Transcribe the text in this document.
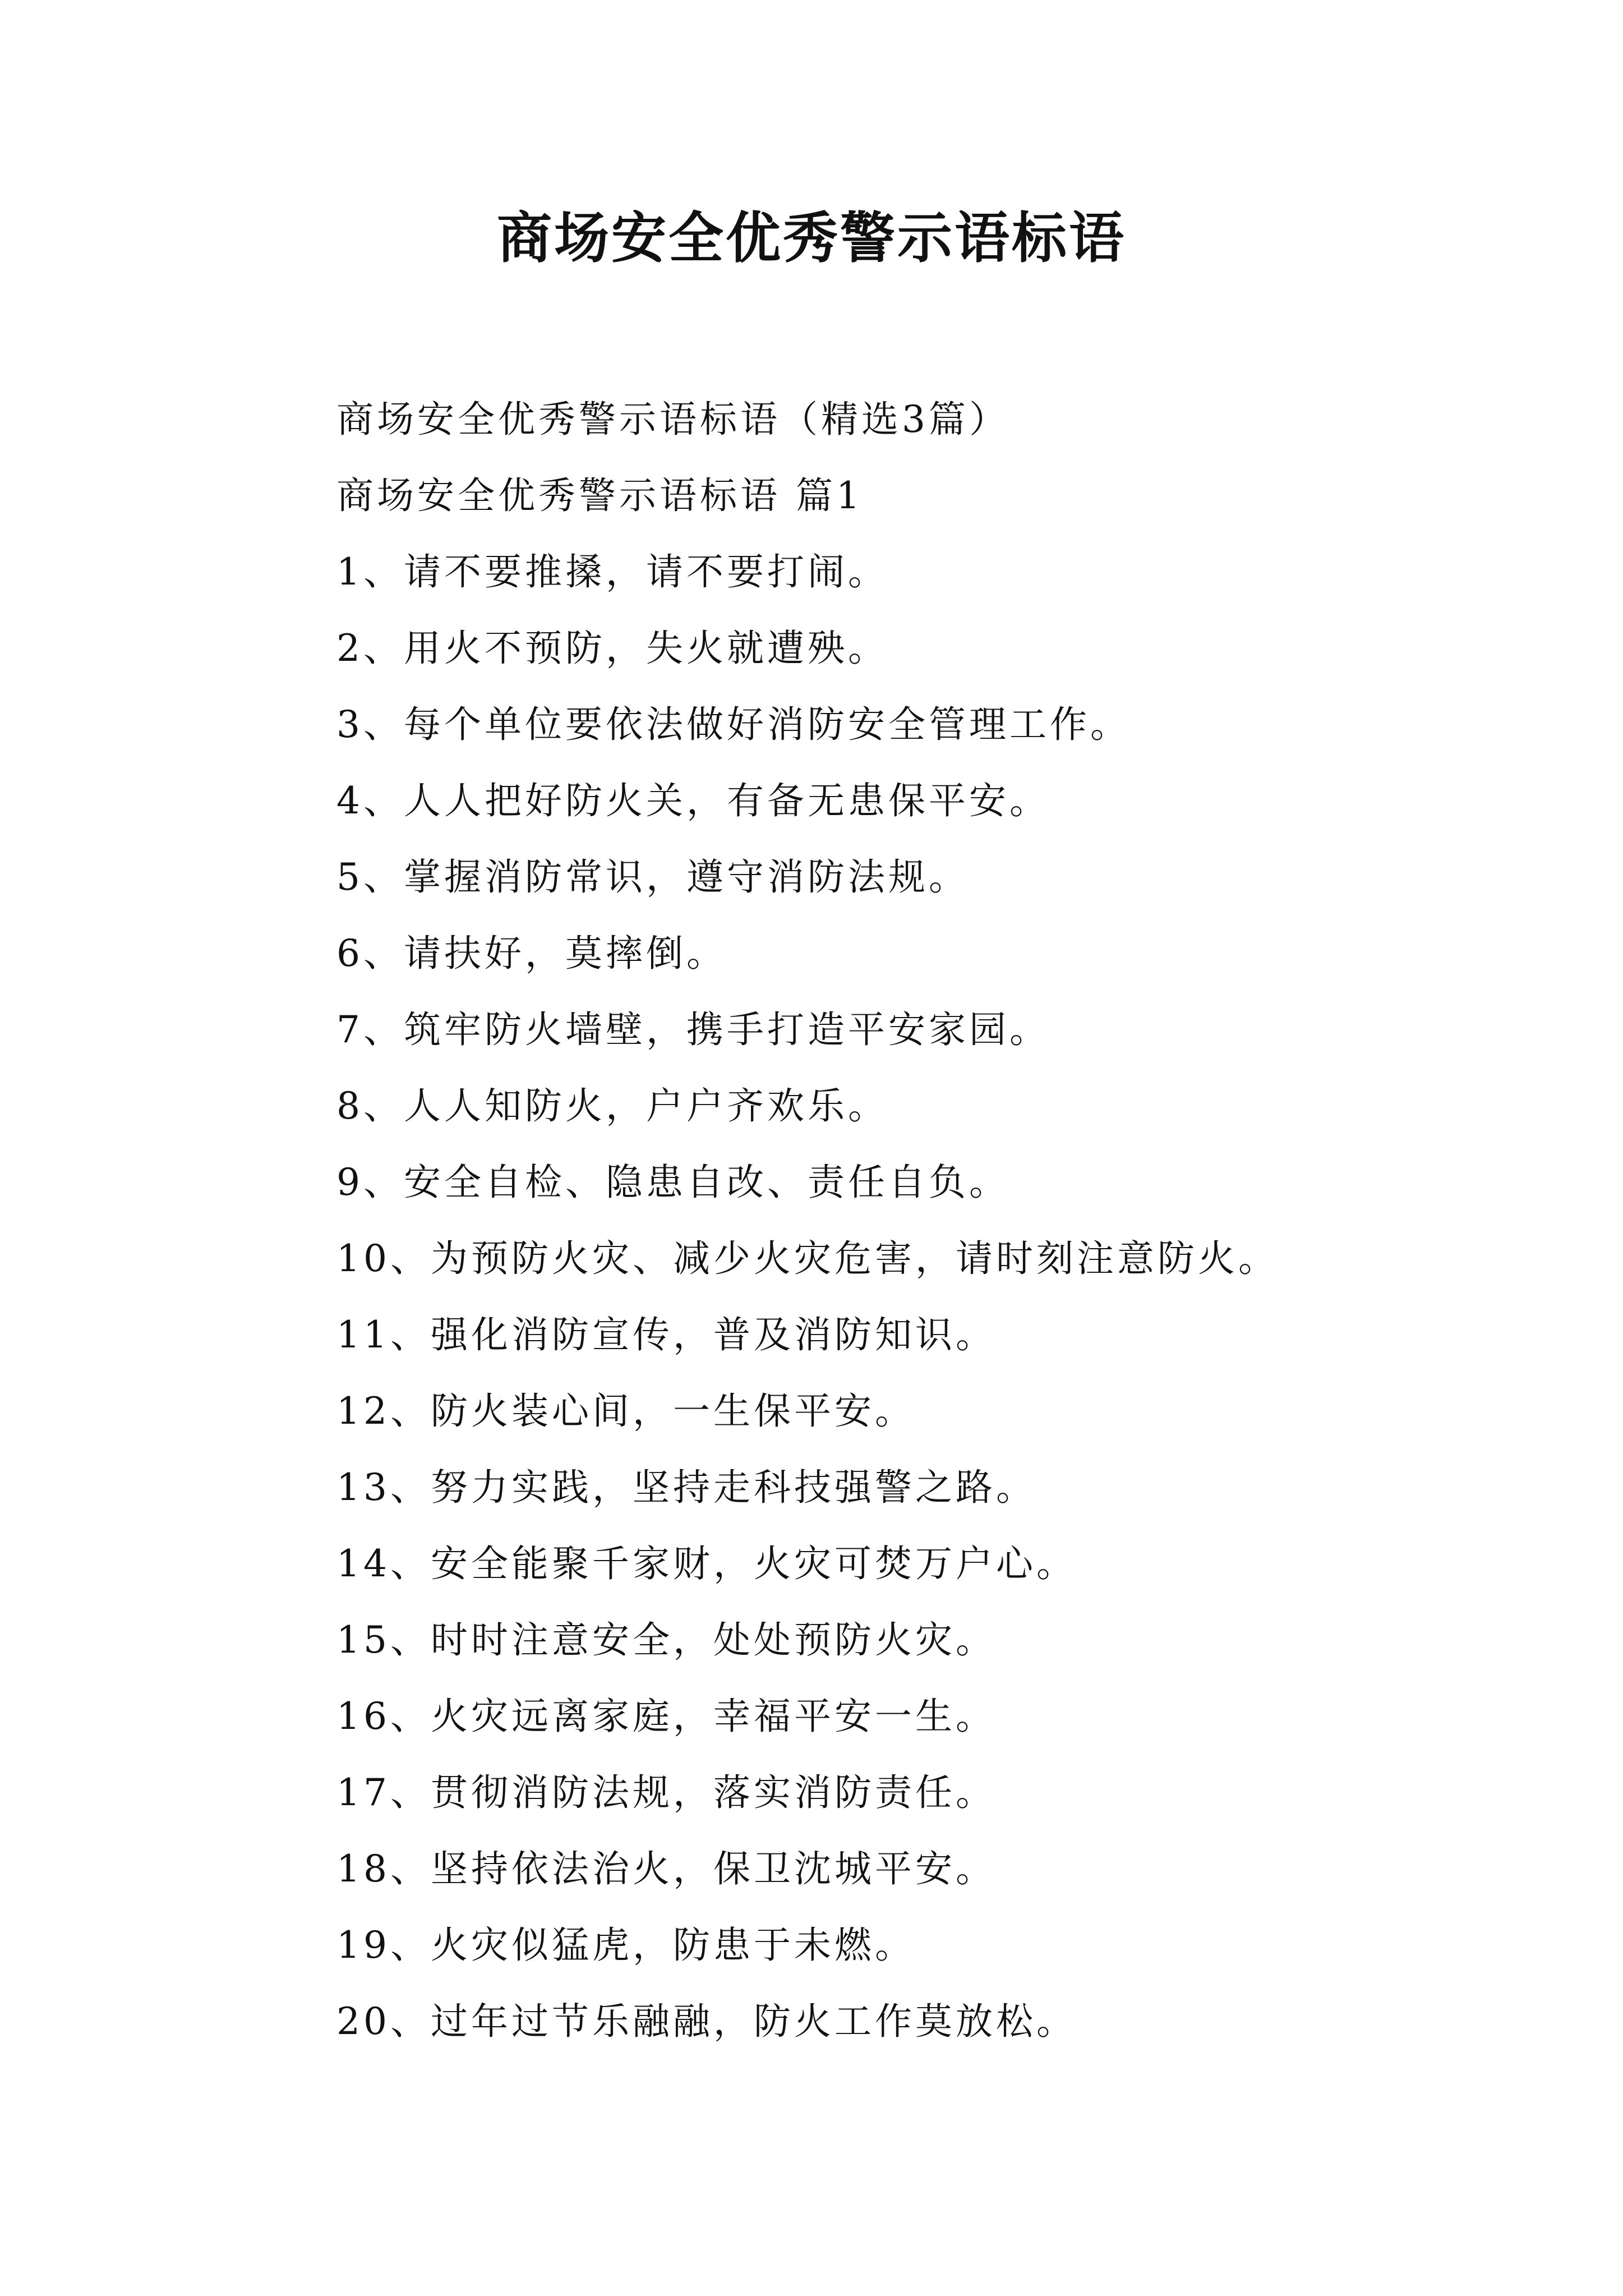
商场安全优秀警示语标语

商场安全优秀警示语标语（精选3篇）

商场安全优秀警示语标语 篇1

1、请不要推搡，请不要打闹。

2、用火不预防，失火就遭殃。

3、每个单位要依法做好消防安全管理工作。

4、人人把好防火关，有备无患保平安。

5、掌握消防常识，遵守消防法规。

6、请扶好，莫摔倒。

7、筑牢防火墙壁，携手打造平安家园。

8、人人知防火，户户齐欢乐。

9、安全自检、隐患自改、责任自负。

10、为预防火灾、减少火灾危害，请时刻注意防火。

11、强化消防宣传，普及消防知识。

12、防火装心间，一生保平安。

13、努力实践，坚持走科技强警之路。

14、安全能聚千家财，火灾可焚万户心。

15、时时注意安全，处处预防火灾。

16、火灾远离家庭，幸福平安一生。

17、贯彻消防法规，落实消防责任。

18、坚持依法治火，保卫沈城平安。

19、火灾似猛虎，防患于未燃。

20、过年过节乐融融，防火工作莫放松。
